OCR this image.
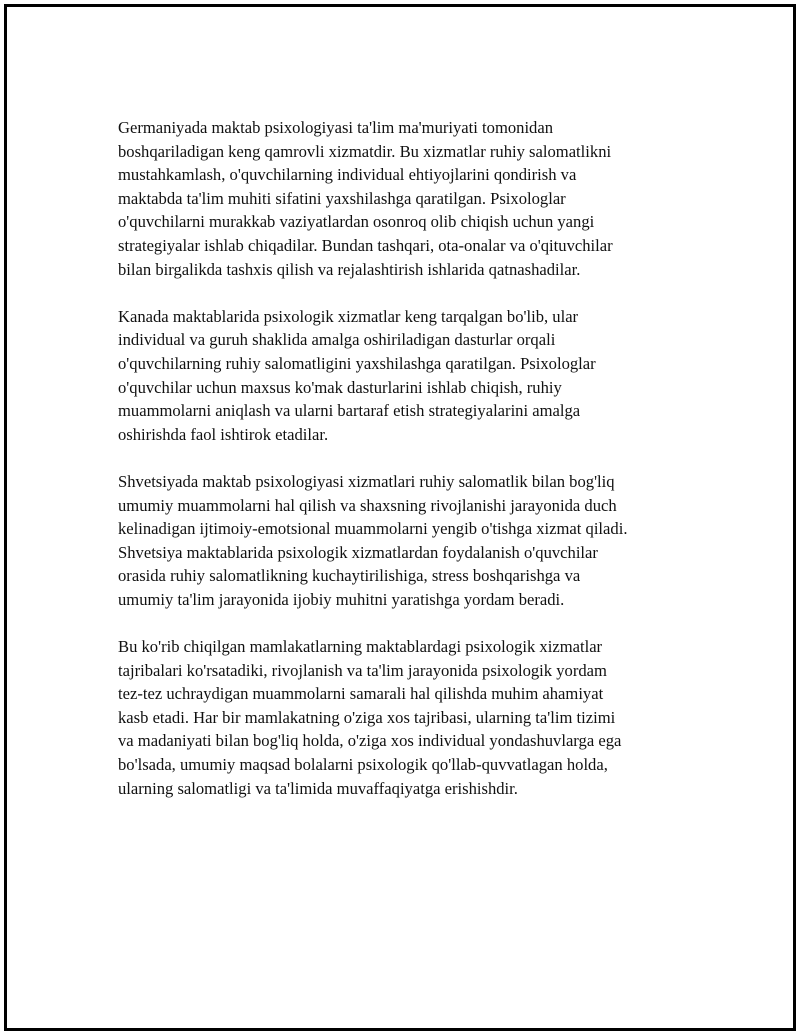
Germaniyada maktab psixologiyasi ta'lim ma'muriyati tomonidan
boshqariladigan keng qamrovli xizmatdir. Bu xizmatlar ruhiy salomatlikni
mustahkamlash, o'quvchilarning individual ehtiyojlarini qondirish va
maktabda ta'lim muhiti sifatini yaxshilashga qaratilgan. Psixologlar
o'quvchilarni murakkab vaziyatlardan osonroq olib chiqish uchun yangi
strategiyalar ishlab chiqadilar. Bundan tashqari, ota-onalar va o'qituvchilar
bilan birgalikda tashxis qilish va rejalashtirish ishlarida qatnashadilar.

Kanada maktablarida psixologik xizmatlar keng tarqalgan bo'lib, ular
individual va guruh shaklida amalga oshiriladigan dasturlar orqali
o'quvchilarning ruhiy salomatligini yaxshilashga qaratilgan. Psixologlar
o'quvchilar uchun maxsus ko'mak dasturlarini ishlab chiqish, ruhiy
muammolarni aniqlash va ularni bartaraf etish strategiyalarini amalga
oshirishda faol ishtirok etadilar.

Shvetsiyada maktab psixologiyasi xizmatlari ruhiy salomatlik bilan bog'liq
umumiy muammolarni hal qilish va shaxsning rivojlanishi jarayonida duch
kelinadigan ijtimoiy-emotsional muammolarni yengib o'tishga xizmat qiladi.
Shvetsiya maktablarida psixologik xizmatlardan foydalanish o'quvchilar
orasida ruhiy salomatlikning kuchaytirilishiga, stress boshqarishga va
umumiy ta'lim jarayonida ijobiy muhitni yaratishga yordam beradi.

Bu ko'rib chiqilgan mamlakatlarning maktablardagi psixologik xizmatlar
tajribalari ko'rsatadiki, rivojlanish va ta'lim jarayonida psixologik yordam
tez-tez uchraydigan muammolarni samarali hal qilishda muhim ahamiyat
kasb etadi. Har bir mamlakatning o'ziga xos tajribasi, ularning ta'lim tizimi
va madaniyati bilan bog'liq holda, o'ziga xos individual yondashuvlarga ega
bo'lsada, umumiy maqsad bolalarni psixologik qo'llab-quvvatlagan holda,
ularning salomatligi va ta'limida muvaffaqiyatga erishishdir.
